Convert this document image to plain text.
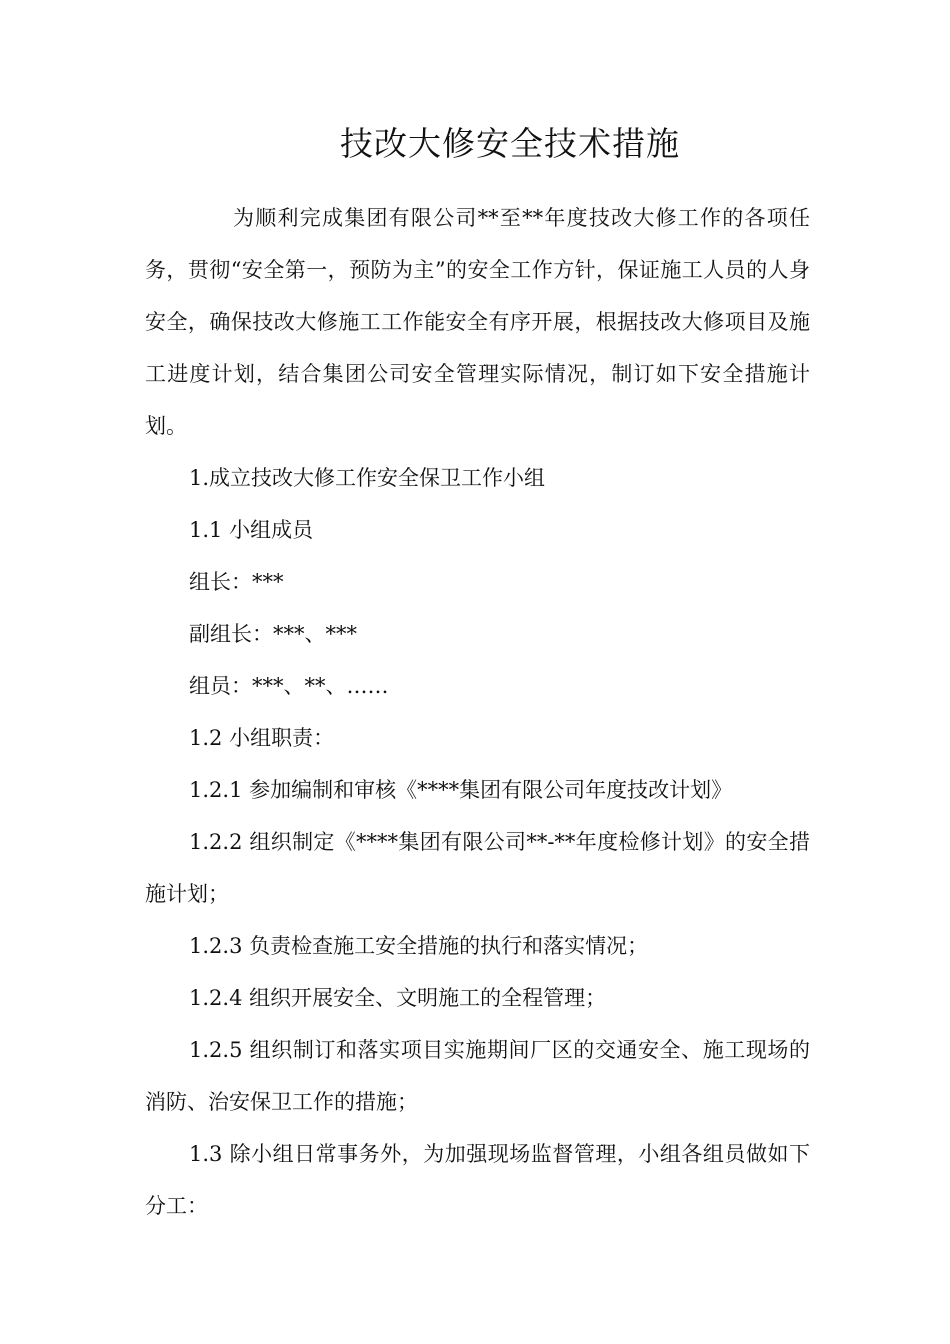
技改大修安全技术措施

为顺利完成集团有限公司**至**年度技改大修工作的各项任务，贯彻“安全第一，预防为主”的安全工作方针，保证施工人员的人身安全，确保技改大修施工工作能安全有序开展，根据技改大修项目及施工进度计划，结合集团公司安全管理实际情况，制订如下安全措施计划。

1.成立技改大修工作安全保卫工作小组

1.1 小组成员

组长：***

副组长：***、***

组员：***、**、……

1.2 小组职责：

1.2.1 参加编制和审核《****集团有限公司年度技改计划》

1.2.2 组织制定《****集团有限公司**-**年度检修计划》的安全措施计划；

1.2.3 负责检查施工安全措施的执行和落实情况；

1.2.4 组织开展安全、文明施工的全程管理；

1.2.5 组织制订和落实项目实施期间厂区的交通安全、施工现场的消防、治安保卫工作的措施；

1.3 除小组日常事务外，为加强现场监督管理，小组各组员做如下分工：
